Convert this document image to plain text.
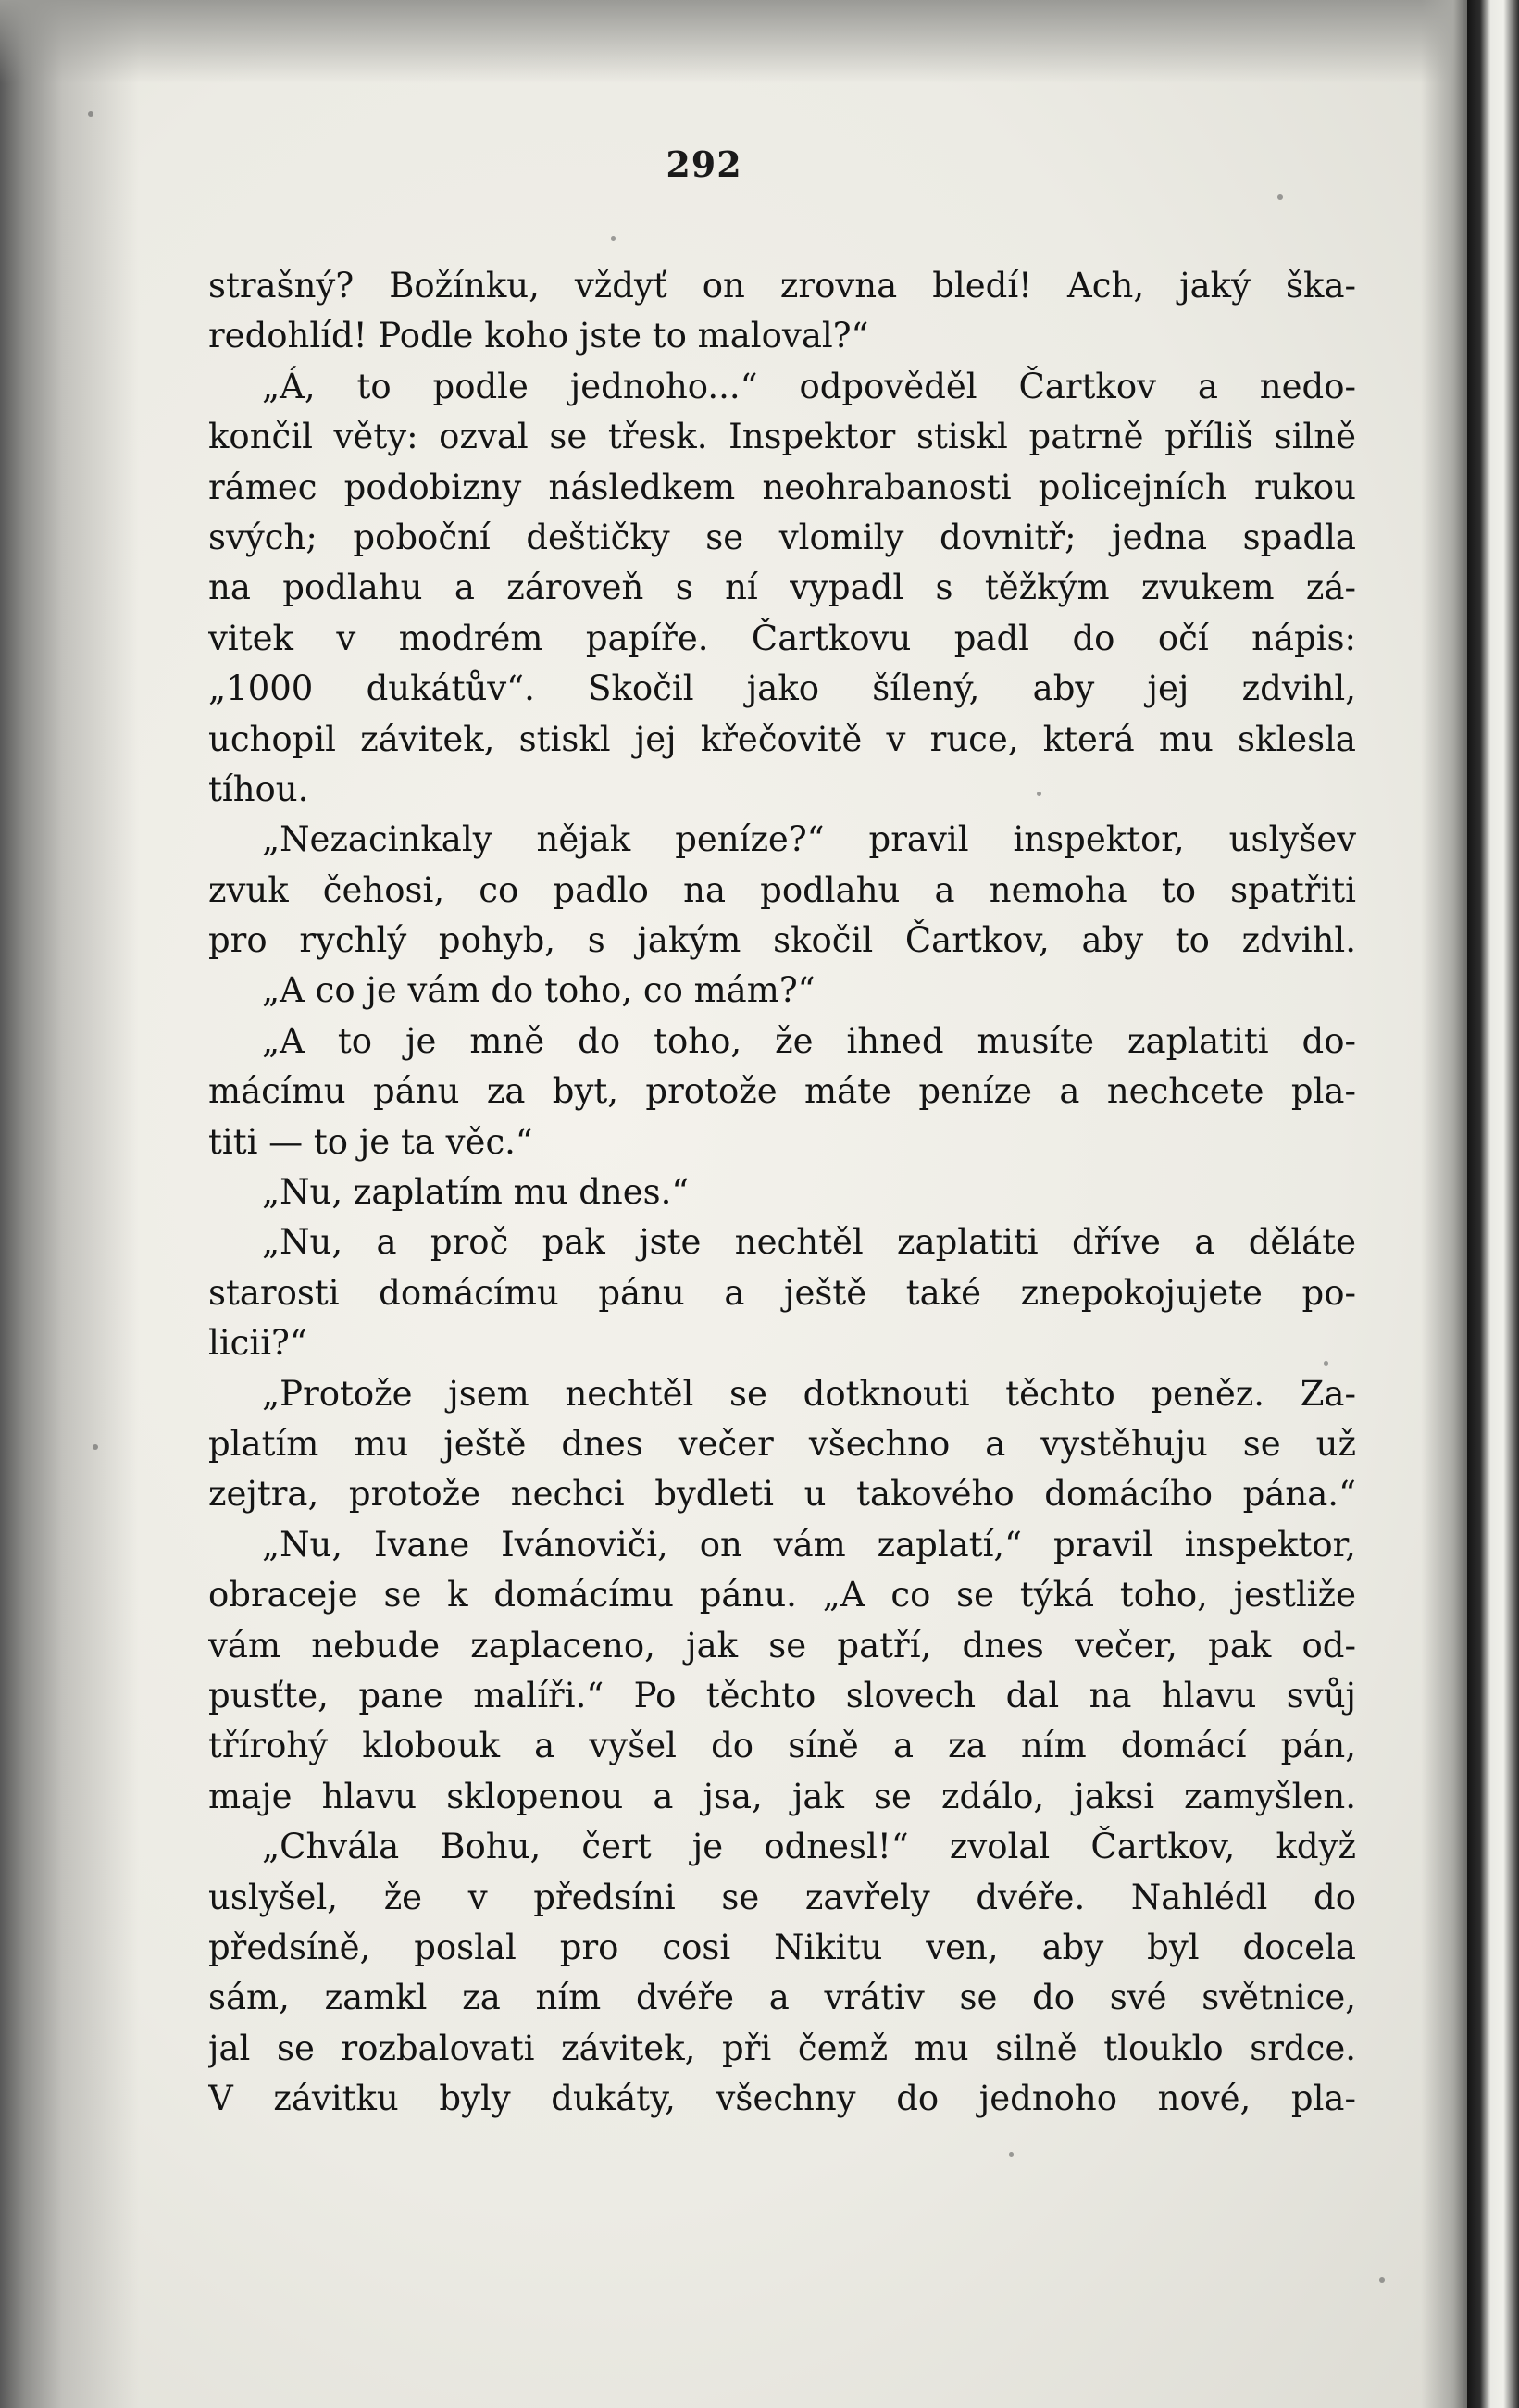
292
strašný? Božínku, vždyť on zrovna bledí! Ach, jaký ška-
redohlíd! Podle koho jste to maloval?“
„Á, to podle jednoho...“ odpověděl Čartkov a nedo-
končil věty: ozval se třesk. Inspektor stiskl patrně příliš silně
rámec podobizny následkem neohrabanosti policejních rukou
svých; poboční deštičky se vlomily dovnitř; jedna spadla
na podlahu a zároveň s ní vypadl s těžkým zvukem zá-
vitek v modrém papíře. Čartkovu padl do očí nápis:
„1000 dukátův“. Skočil jako šílený, aby jej zdvihl,
uchopil závitek, stiskl jej křečovitě v ruce, která mu sklesla
tíhou.
„Nezacinkaly nějak peníze?“ pravil inspektor, uslyšev
zvuk čehosi, co padlo na podlahu a nemoha to spatřiti
pro rychlý pohyb, s jakým skočil Čartkov, aby to zdvihl.
„A co je vám do toho, co mám?“
„A to je mně do toho, že ihned musíte zaplatiti do-
mácímu pánu za byt, protože máte peníze a nechcete pla-
titi — to je ta věc.“
„Nu, zaplatím mu dnes.“
„Nu, a proč pak jste nechtěl zaplatiti dříve a děláte
starosti domácímu pánu a ještě také znepokojujete po-
licii?“
„Protože jsem nechtěl se dotknouti těchto peněz. Za-
platím mu ještě dnes večer všechno a vystěhuju se už
zejtra, protože nechci bydleti u takového domácího pána.“
„Nu, Ivane Ivánoviči, on vám zaplatí,“ pravil inspektor,
obraceje se k domácímu pánu. „A co se týká toho, jestliže
vám nebude zaplaceno, jak se patří, dnes večer, pak od-
pusťte, pane malíři.“ Po těchto slovech dal na hlavu svůj
třírohý klobouk a vyšel do síně a za ním domácí pán,
maje hlavu sklopenou a jsa, jak se zdálo, jaksi zamyšlen.
„Chvála Bohu, čert je odnesl!“ zvolal Čartkov, když
uslyšel, že v předsíni se zavřely dvéře. Nahlédl do
předsíně, poslal pro cosi Nikitu ven, aby byl docela
sám, zamkl za ním dvéře a vrátiv se do své světnice,
jal se rozbalovati závitek, při čemž mu silně tlouklo srdce.
V závitku byly dukáty, všechny do jednoho nové, pla-
